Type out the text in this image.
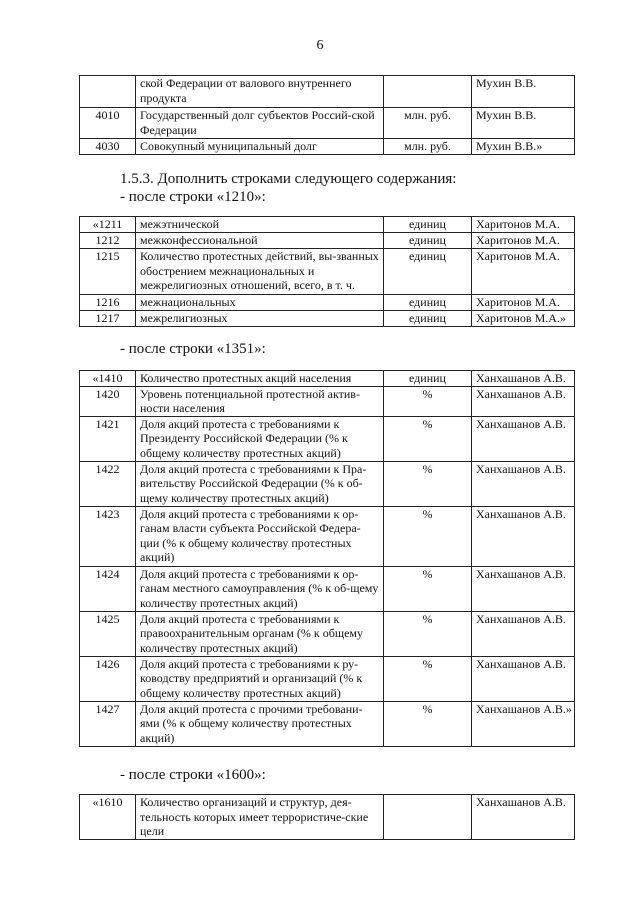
6
	ской Федерации от валового внутреннего продукта		Мухин В.В.
4010	Государственный долг субъектов Россий-ской Федерации	млн. руб.	Мухин В.В.
4030	Совокупный муниципальный долг	млн. руб.	Мухин В.В.»
1.5.3. Дополнить строками следующего содержания:
- после строки «1210»:
«1211	межэтнической	единиц	Харитонов М.А.
1212	межконфессиональной	единиц	Харитонов М.А.
1215	Количество протестных действий, вы-званных обострением межнациональных и межрелигиозных отношений, всего, в т. ч.	единиц	Харитонов М.А.
1216	межнациональных	единиц	Харитонов М.А.
1217	межрелигиозных	единиц	Харитонов М.А.»
- после строки «1351»:
«1410	Количество протестных акций населения	единиц	Ханхашанов А.В.
1420	Уровень потенциальной протестной актив-ности населения	%	Ханхашанов А.В.
1421	Доля акций протеста с требованиями к Президенту Российской Федерации (% к общему количеству протестных акций)	%	Ханхашанов А.В.
1422	Доля акций протеста с требованиями к Пра-вительству Российской Федерации (% к об-щему количеству протестных акций)	%	Ханхашанов А.В.
1423	Доля акций протеста с требованиями к ор-ганам власти субъекта Российской Федера-ции (% к общему количеству протестных акций)	%	Ханхашанов А.В.
1424	Доля акций протеста с требованиями к ор-ганам местного самоуправления (% к об-щему количеству протестных акций)	%	Ханхашанов А.В.
1425	Доля акций протеста с требованиями к правоохранительным органам (% к общему количеству протестных акций)	%	Ханхашанов А.В.
1426	Доля акций протеста с требованиями к ру-ководству предприятий и организаций (% к общему количеству протестных акций)	%	Ханхашанов А.В.
1427	Доля акций протеста с прочими требовани-ями (% к общему количеству протестных акций)	%	Ханхашанов А.В.»
- после строки «1600»:
«1610	Количество организаций и структур, дея-тельность которых имеет террористиче-ские цели		Ханхашанов А.В.
